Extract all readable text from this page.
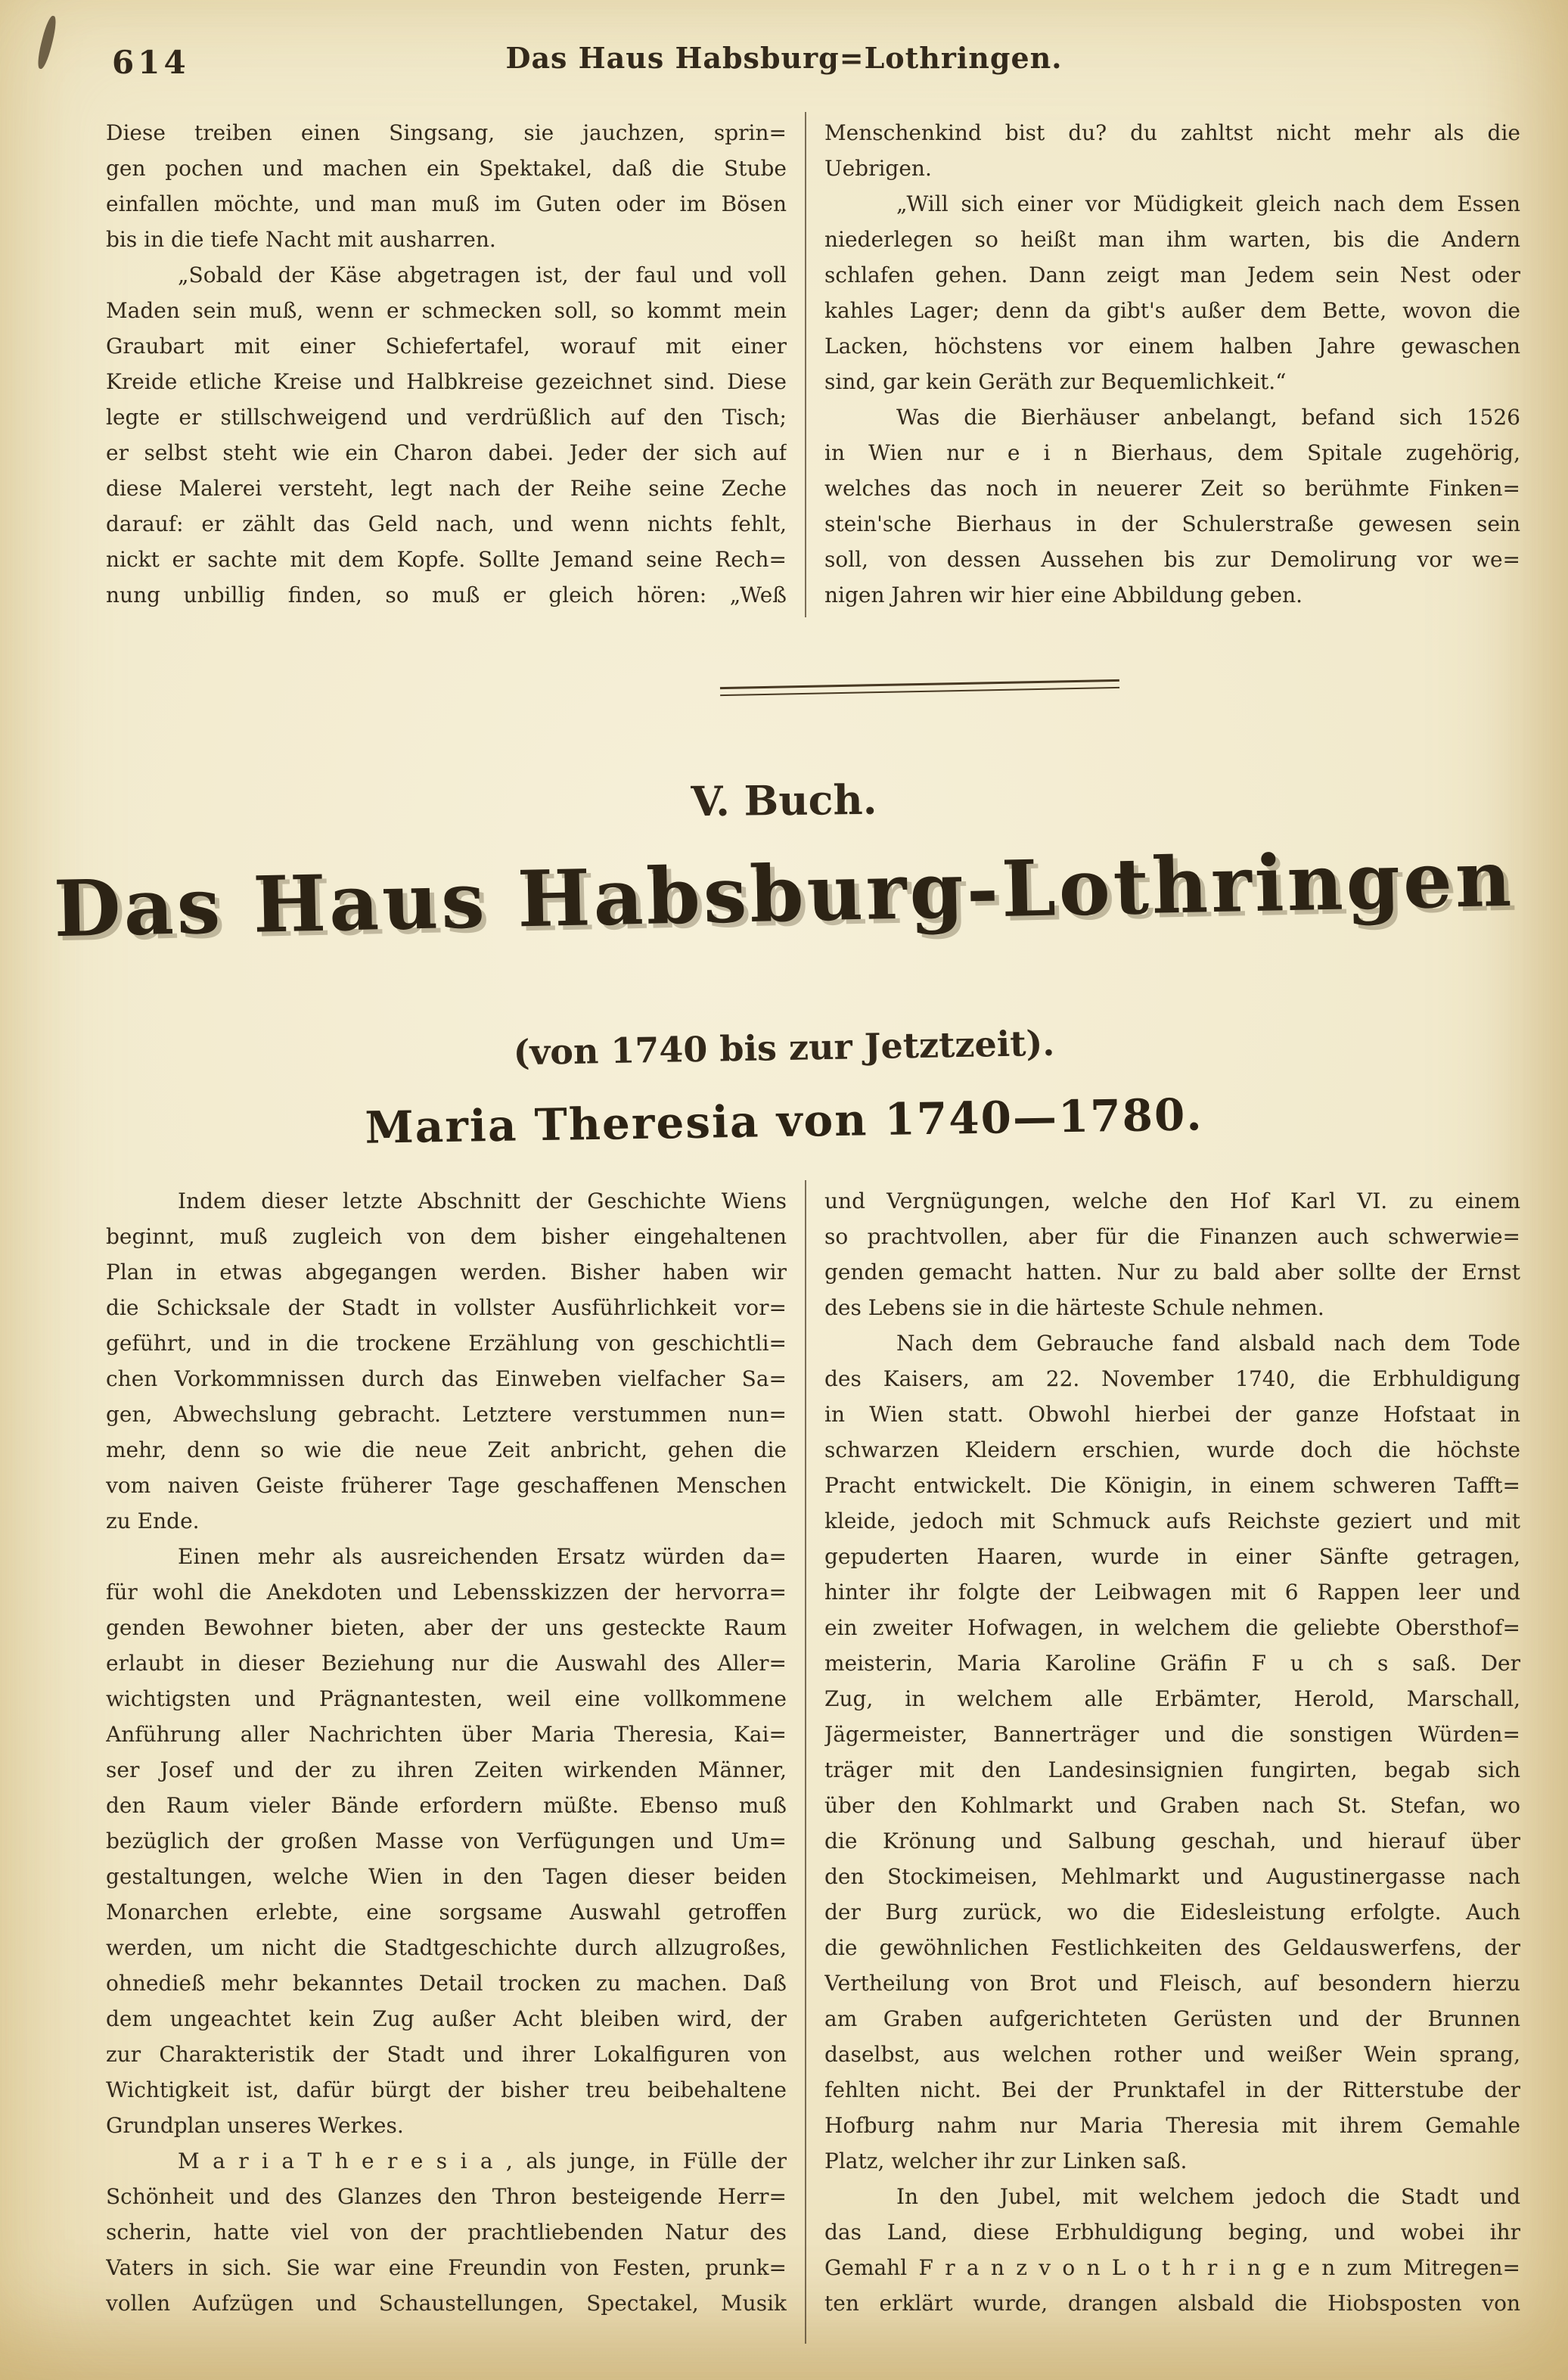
614	Das Haus Habsburg=Lothringen.
Diese treiben einen Singsang, sie jauchzen, sprin=
gen pochen und machen ein Spektakel, daß die Stube
einfallen möchte, und man muß im Guten oder im Bösen
bis in die tiefe Nacht mit ausharren.
„Sobald der Käse abgetragen ist, der faul und voll
Maden sein muß, wenn er schmecken soll, so kommt mein
Graubart mit einer Schiefertafel, worauf mit einer
Kreide etliche Kreise und Halbkreise gezeichnet sind. Diese
legte er stillschweigend und verdrüßlich auf den Tisch;
er selbst steht wie ein Charon dabei. Jeder der sich auf
diese Malerei versteht, legt nach der Reihe seine Zeche
darauf: er zählt das Geld nach, und wenn nichts fehlt,
nickt er sachte mit dem Kopfe. Sollte Jemand seine Rech=
nung unbillig finden, so muß er gleich hören: „Weß
Menschenkind bist du? du zahltst nicht mehr als die
Uebrigen.
„Will sich einer vor Müdigkeit gleich nach dem Essen
niederlegen so heißt man ihm warten, bis die Andern
schlafen gehen. Dann zeigt man Jedem sein Nest oder
kahles Lager; denn da gibt's außer dem Bette, wovon die
Lacken, höchstens vor einem halben Jahre gewaschen
sind, gar kein Geräth zur Bequemlichkeit.“
Was die Bierhäuser anbelangt, befand sich 1526
in Wien nur e i n Bierhaus, dem Spitale zugehörig,
welches das noch in neuerer Zeit so berühmte Finken=
stein'sche Bierhaus in der Schulerstraße gewesen sein
soll, von dessen Aussehen bis zur Demolirung vor we=
nigen Jahren wir hier eine Abbildung geben.
V. Buch.
Das Haus Habsburg-Lothringen
(von 1740 bis zur Jetztzeit).
Maria Theresia von 1740—1780.
Indem dieser letzte Abschnitt der Geschichte Wiens
beginnt, muß zugleich von dem bisher eingehaltenen
Plan in etwas abgegangen werden. Bisher haben wir
die Schicksale der Stadt in vollster Ausführlichkeit vor=
geführt, und in die trockene Erzählung von geschichtli=
chen Vorkommnissen durch das Einweben vielfacher Sa=
gen, Abwechslung gebracht. Letztere verstummen nun=
mehr, denn so wie die neue Zeit anbricht, gehen die
vom naiven Geiste früherer Tage geschaffenen Menschen
zu Ende.
Einen mehr als ausreichenden Ersatz würden da=
für wohl die Anekdoten und Lebensskizzen der hervorra=
genden Bewohner bieten, aber der uns gesteckte Raum
erlaubt in dieser Beziehung nur die Auswahl des Aller=
wichtigsten und Prägnantesten, weil eine vollkommene
Anführung aller Nachrichten über Maria Theresia, Kai=
ser Josef und der zu ihren Zeiten wirkenden Männer,
den Raum vieler Bände erfordern müßte. Ebenso muß
bezüglich der großen Masse von Verfügungen und Um=
gestaltungen, welche Wien in den Tagen dieser beiden
Monarchen erlebte, eine sorgsame Auswahl getroffen
werden, um nicht die Stadtgeschichte durch allzugroßes,
ohnedieß mehr bekanntes Detail trocken zu machen. Daß
dem ungeachtet kein Zug außer Acht bleiben wird, der
zur Charakteristik der Stadt und ihrer Lokalfiguren von
Wichtigkeit ist, dafür bürgt der bisher treu beibehaltene
Grundplan unseres Werkes.
M a r i a T h e r e s i a , als junge, in Fülle der
Schönheit und des Glanzes den Thron besteigende Herr=
scherin, hatte viel von der prachtliebenden Natur des
Vaters in sich. Sie war eine Freundin von Festen, prunk=
vollen Aufzügen und Schaustellungen, Spectakel, Musik
und Vergnügungen, welche den Hof Karl VI. zu einem
so prachtvollen, aber für die Finanzen auch schwerwie=
genden gemacht hatten. Nur zu bald aber sollte der Ernst
des Lebens sie in die härteste Schule nehmen.
Nach dem Gebrauche fand alsbald nach dem Tode
des Kaisers, am 22. November 1740, die Erbhuldigung
in Wien statt. Obwohl hierbei der ganze Hofstaat in
schwarzen Kleidern erschien, wurde doch die höchste
Pracht entwickelt. Die Königin, in einem schweren Tafft=
kleide, jedoch mit Schmuck aufs Reichste geziert und mit
gepuderten Haaren, wurde in einer Sänfte getragen,
hinter ihr folgte der Leibwagen mit 6 Rappen leer und
ein zweiter Hofwagen, in welchem die geliebte Obersthof=
meisterin, Maria Karoline Gräfin F u ch s saß. Der
Zug, in welchem alle Erbämter, Herold, Marschall,
Jägermeister, Bannerträger und die sonstigen Würden=
träger mit den Landesinsignien fungirten, begab sich
über den Kohlmarkt und Graben nach St. Stefan, wo
die Krönung und Salbung geschah, und hierauf über
den Stockimeisen, Mehlmarkt und Augustinergasse nach
der Burg zurück, wo die Eidesleistung erfolgte. Auch
die gewöhnlichen Festlichkeiten des Geldauswerfens, der
Vertheilung von Brot und Fleisch, auf besondern hierzu
am Graben aufgerichteten Gerüsten und der Brunnen
daselbst, aus welchen rother und weißer Wein sprang,
fehlten nicht. Bei der Prunktafel in der Ritterstube der
Hofburg nahm nur Maria Theresia mit ihrem Gemahle
Platz, welcher ihr zur Linken saß.
In den Jubel, mit welchem jedoch die Stadt und
das Land, diese Erbhuldigung beging, und wobei ihr
Gemahl F r a n z v o n L o t h r i n g e n zum Mitregen=
ten erklärt wurde, drangen alsbald die Hiobsposten von
